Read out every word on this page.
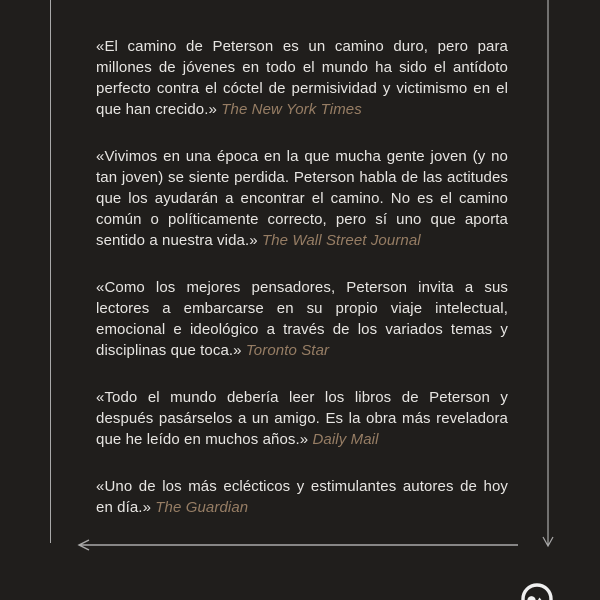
«El camino de Peterson es un camino duro, pero para millones de jóvenes en todo el mundo ha sido el antídoto perfecto contra el cóctel de permisividad y victimismo en el que han crecido.» The New York Times

«Vivimos en una época en la que mucha gente joven (y no tan joven) se siente perdida. Peterson habla de las actitudes que los ayudarán a encontrar el camino. No es el camino común o políticamente correcto, pero sí uno que aporta sentido a nuestra vida.» The Wall Street Journal

«Como los mejores pensadores, Peterson invita a sus lectores a embarcarse en su propio viaje intelectual, emocional e ideológico a través de los variados temas y disciplinas que toca.» Toronto Star

«Todo el mundo debería leer los libros de Peterson y después pasárselos a un amigo. Es la obra más reveladora que he leído en muchos años.» Daily Mail

«Uno de los más eclécticos y estimulantes autores de hoy en día.» The Guardian
